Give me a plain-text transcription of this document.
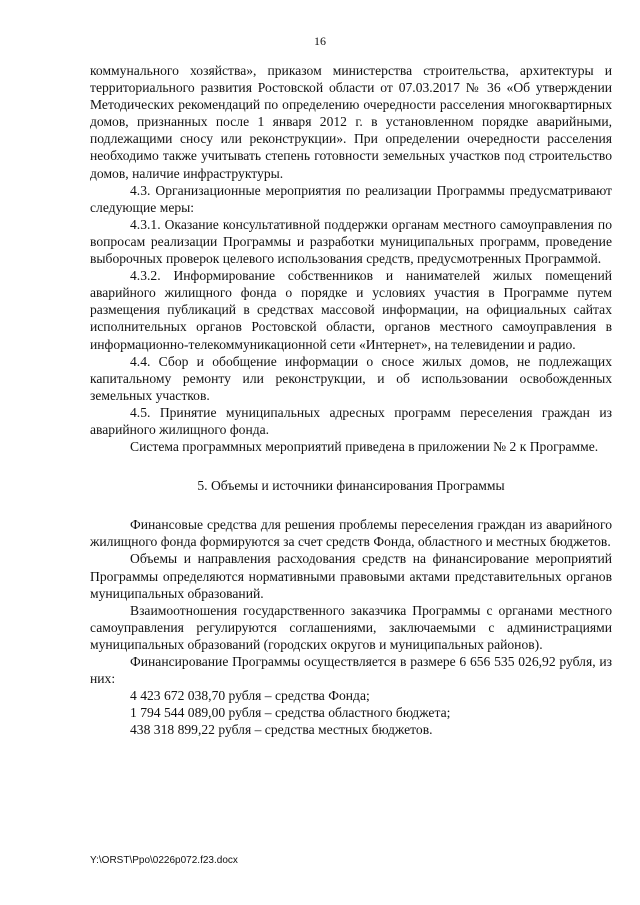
16

коммунального хозяйства», приказом министерства строительства, архитектуры и территориального развития Ростовской области от 07.03.2017 № 36 «Об утверждении Методических рекомендаций по определению очередности расселения многоквартирных домов, признанных после 1 января 2012 г. в установленном порядке аварийными, подлежащими сносу или реконструкции». При определении очередности расселения необходимо также учитывать степень готовности земельных участков под строительство домов, наличие инфраструктуры.

4.3. Организационные мероприятия по реализации Программы предусматривают следующие меры:

4.3.1. Оказание консультативной поддержки органам местного самоуправления по вопросам реализации Программы и разработки муниципальных программ, проведение выборочных проверок целевого использования средств, предусмотренных Программой.

4.3.2. Информирование собственников и нанимателей жилых помещений аварийного жилищного фонда о порядке и условиях участия в Программе путем размещения публикаций в средствах массовой информации, на официальных сайтах исполнительных органов Ростовской области, органов местного самоуправления в информационно-телекоммуникационной сети «Интернет», на телевидении и радио.

4.4. Сбор и обобщение информации о сносе жилых домов, не подлежащих капитальному ремонту или реконструкции, и об использовании освобожденных земельных участков.

4.5. Принятие муниципальных адресных программ переселения граждан из аварийного жилищного фонда.

Система программных мероприятий приведена в приложении № 2 к Программе.

5. Объемы и источники финансирования Программы

Финансовые средства для решения проблемы переселения граждан из аварийного жилищного фонда формируются за счет средств Фонда, областного и местных бюджетов.

Объемы и направления расходования средств на финансирование мероприятий Программы определяются нормативными правовыми актами представительных органов муниципальных образований.

Взаимоотношения государственного заказчика Программы с органами местного самоуправления регулируются соглашениями, заключаемыми с администрациями муниципальных образований (городских округов и муниципальных районов).

Финансирование Программы осуществляется в размере 6 656 535 026,92 рубля, из них:

4 423 672 038,70 рубля – средства Фонда;

1 794 544 089,00 рубля – средства областного бюджета;

438 318 899,22 рубля – средства местных бюджетов.

Y:\ORST\Ppo\0226p072.f23.docx
